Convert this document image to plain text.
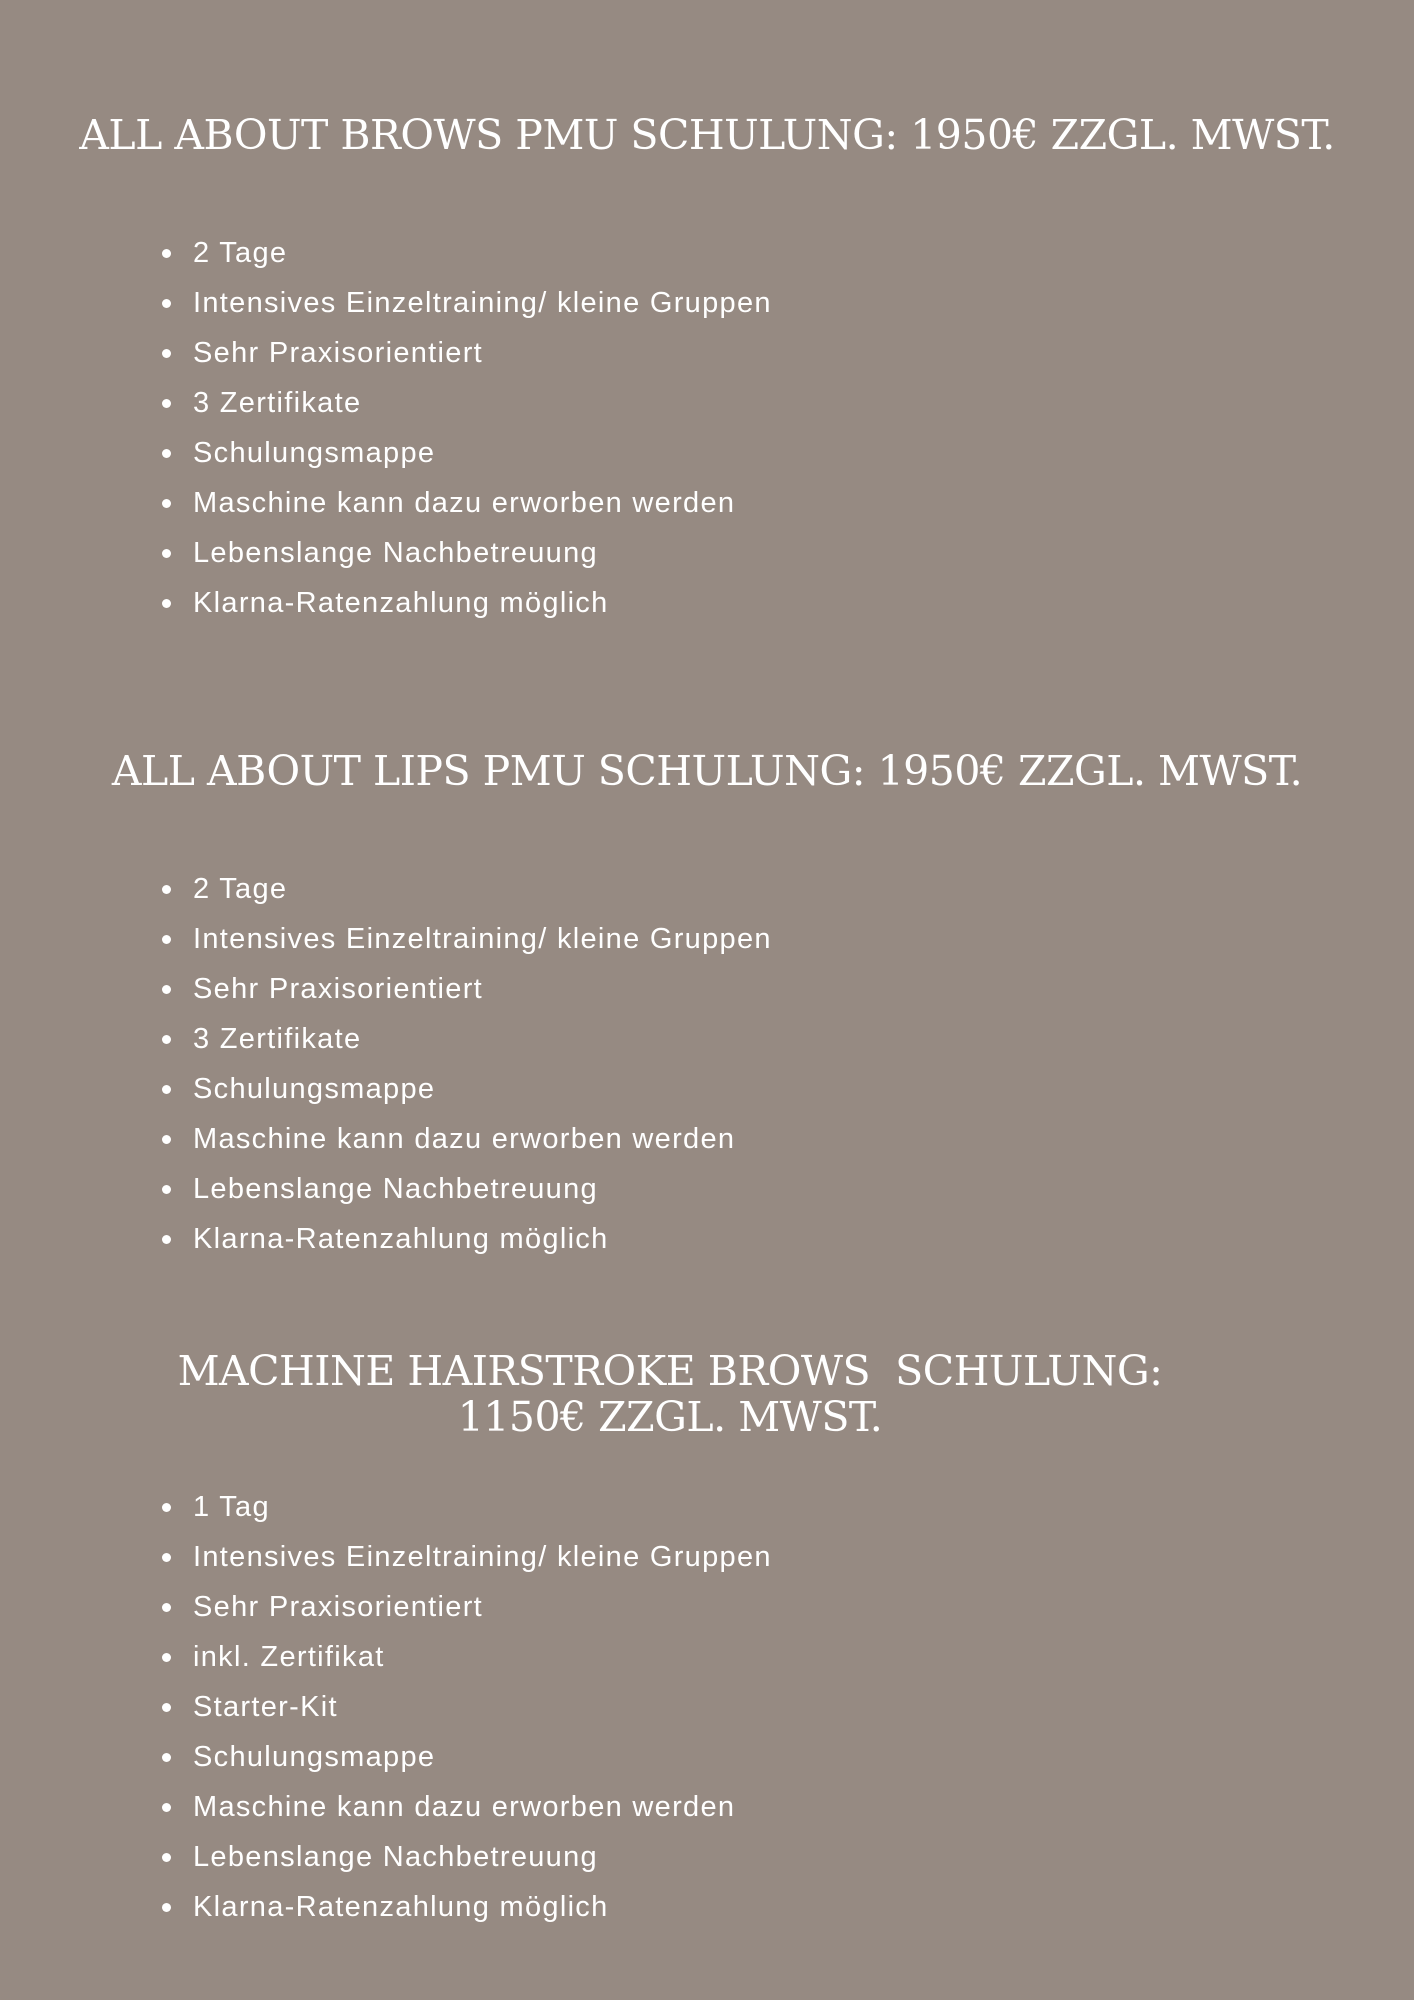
ALL ABOUT BROWS PMU SCHULUNG: 1950€ ZZGL. MWST.
2 Tage
Intensives Einzeltraining/ kleine Gruppen
Sehr Praxisorientiert
3 Zertifikate
Schulungsmappe
Maschine kann dazu erworben werden
Lebenslange Nachbetreuung
Klarna-Ratenzahlung möglich
ALL ABOUT LIPS PMU SCHULUNG: 1950€ ZZGL. MWST.
2 Tage
Intensives Einzeltraining/ kleine Gruppen
Sehr Praxisorientiert
3 Zertifikate
Schulungsmappe
Maschine kann dazu erworben werden
Lebenslange Nachbetreuung
Klarna-Ratenzahlung möglich
MACHINE HAIRSTROKE BROWS  SCHULUNG:
1150€ ZZGL. MWST.
1 Tag
Intensives Einzeltraining/ kleine Gruppen
Sehr Praxisorientiert
inkl. Zertifikat
Starter-Kit
Schulungsmappe
Maschine kann dazu erworben werden
Lebenslange Nachbetreuung
Klarna-Ratenzahlung möglich
